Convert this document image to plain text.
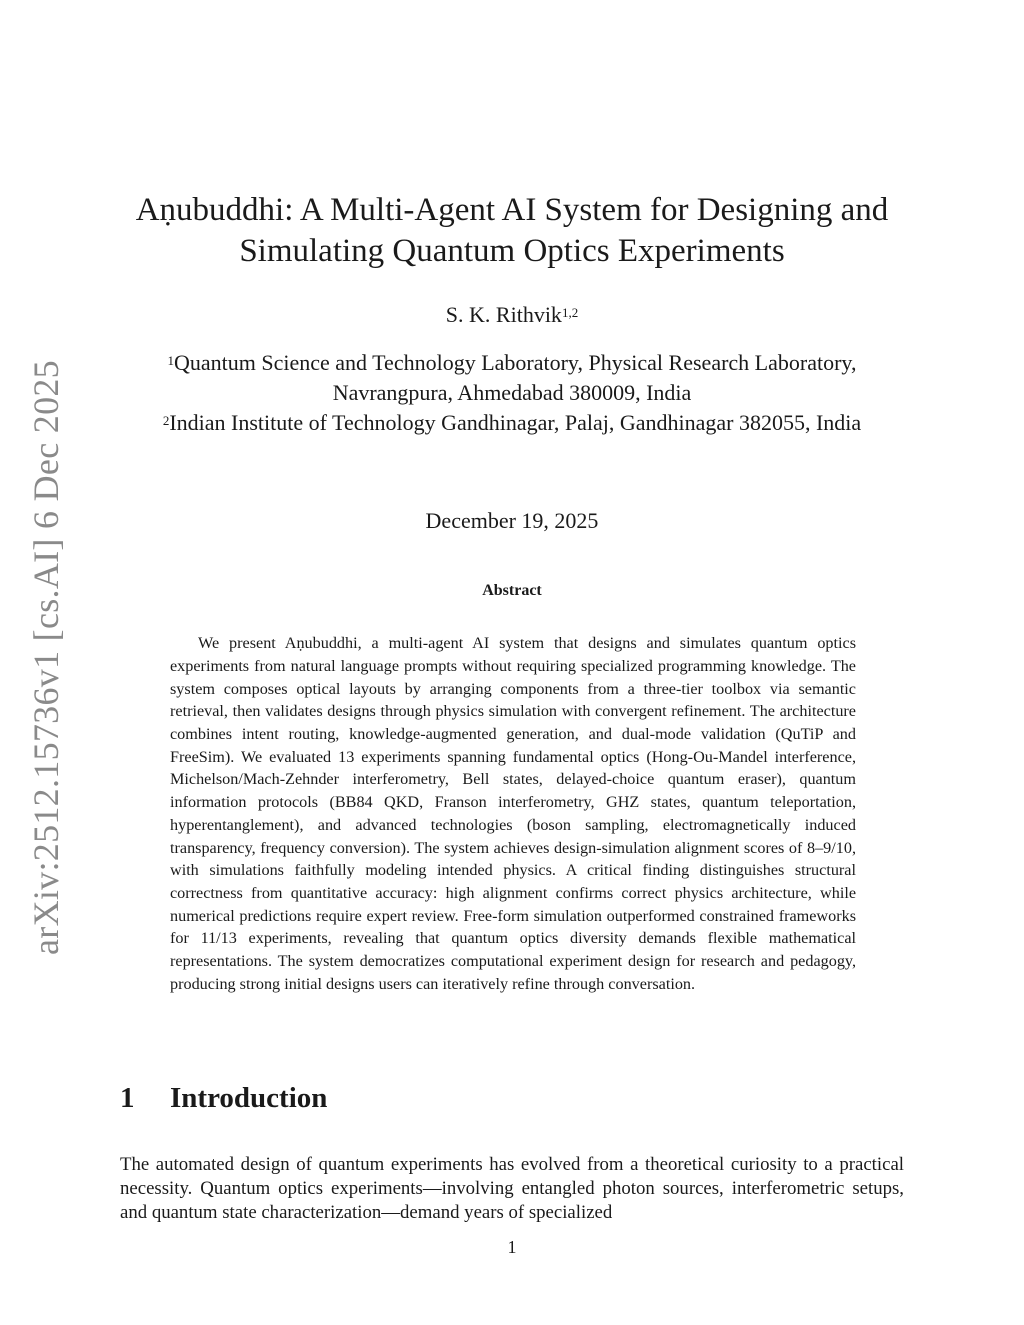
arXiv:2512.15736v1 [cs.AI] 6 Dec 2025
Aṇubuddhi: A Multi-Agent AI System for Designing and Simulating Quantum Optics Experiments
S. K. Rithvik$^{1,2}$
$^1$Quantum Science and Technology Laboratory, Physical Research Laboratory, Navrangpura, Ahmedabad 380009, India
$^2$Indian Institute of Technology Gandhinagar, Palaj, Gandhinagar 382055, India
December 19, 2025
Abstract

We present Aṇubuddhi, a multi-agent AI system that designs and simulates quantum optics experiments from natural language prompts without requiring specialized programming knowledge. The system composes optical layouts by arranging components from a three-tier toolbox via semantic retrieval, then validates designs through physics simulation with convergent refinement. The architecture combines intent routing, knowledge-augmented generation, and dual-mode validation (QuTiP and FreeSim). We evaluated 13 experiments spanning fundamental optics (Hong-Ou-Mandel interference, Michelson/Mach-Zehnder interferometry, Bell states, delayed-choice quantum eraser), quantum information protocols (BB84 QKD, Franson interferometry, GHZ states, quantum teleportation, hyperentanglement), and advanced technologies (boson sampling, electromagnetically induced transparency, frequency conversion). The system achieves design-simulation alignment scores of 8–9/10, with simulations faithfully modeling intended physics. A critical finding distinguishes structural correctness from quantitative accuracy: high alignment confirms correct physics architecture, while numerical predictions require expert review. Free-form simulation outperformed constrained frameworks for 11/13 experiments, revealing that quantum optics diversity demands flexible mathematical representations. The system democratizes computational experiment design for research and pedagogy, producing strong initial designs users can iteratively refine through conversation.

1 Introduction

The automated design of quantum experiments has evolved from a theoretical curiosity to a practical necessity. Quantum optics experiments—involving entangled photon sources, interferometric setups, and quantum state characterization—demand years of specialized

1
